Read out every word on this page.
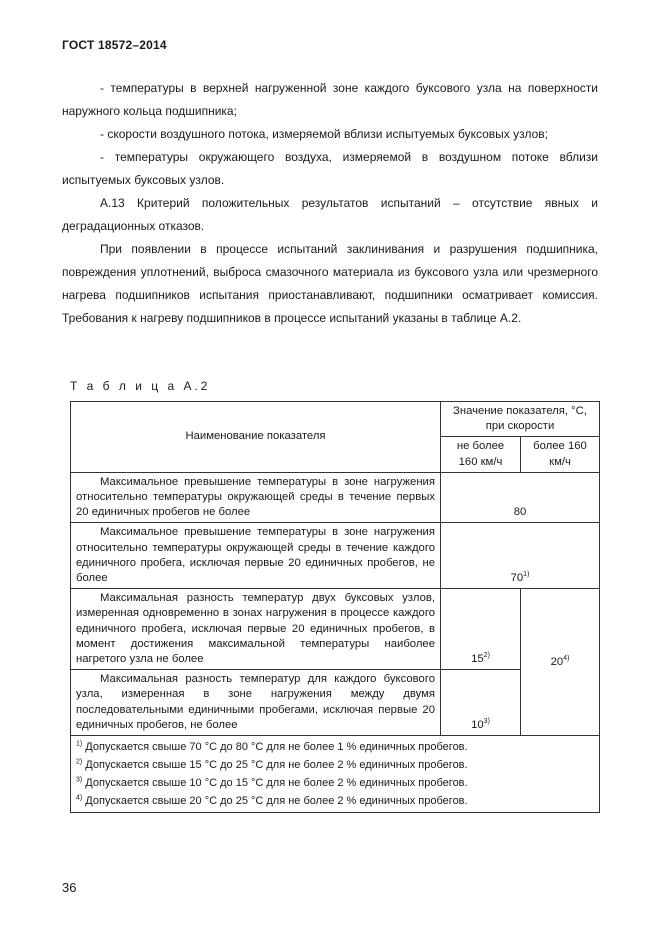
ГОСТ 18572–2014

- температуры в верхней нагруженной зоне каждого буксового узла на поверхности наружного кольца подшипника;

- скорости воздушного потока, измеряемой вблизи испытуемых буксовых узлов;

- температуры окружающего воздуха, измеряемой в воздушном потоке вблизи испытуемых буксовых узлов.

А.13 Критерий положительных результатов испытаний – отсутствие явных и деградационных отказов.

При появлении в процессе испытаний заклинивания и разрушения подшипника, повреждения уплотнений, выброса смазочного материала из буксового узла или чрезмерного нагрева подшипников испытания приостанавливают, подшипники осматривает комиссия. Требования к нагреву подшипников в процессе испытаний указаны в таблице А.2.

Т а б л и ц а А.2
Наименование показателя	Значение показателя, °С, при скорости	
	не более 160 км/ч	более 160 км/ч
Максимальное превышение температуры в зоне нагружения относительно температуры окружающей среды в течение первых 20 единичных пробегов не более	80	
Максимальное превышение температуры в зоне нагружения относительно температуры окружающей среды в течение каждого единичного пробега, исключая первые 20 единичных пробегов, не более	70$^{1)}$
Максимальная разность температур двух буксовых узлов, измеренная одновременно в зонах нагружения в процессе каждого единичного пробега, исключая первые 20 единичных пробегов, в момент достижения максимальной температуры наиболее нагретого узла не более	15$^{2)}$	20$^{4)}$
Максимальная разность температур для каждого буксового узла, измеренная в зоне нагружения между двумя последовательными единичными пробегами, исключая первые 20 единичных пробегов, не более	10$^{3)}$

$^{1)}$ Допускается свыше 70 °С до 80 °С для не более 1 % единичных пробегов.

$^{2)}$ Допускается свыше 15 °С до 25 °С для не более 2 % единичных пробегов.

$^{3)}$ Допускается свыше 10 °С до 15 °С для не более 2 % единичных пробегов.

$^{4)}$ Допускается свыше 20 °С до 25 °С для не более 2 % единичных пробегов.		

36
